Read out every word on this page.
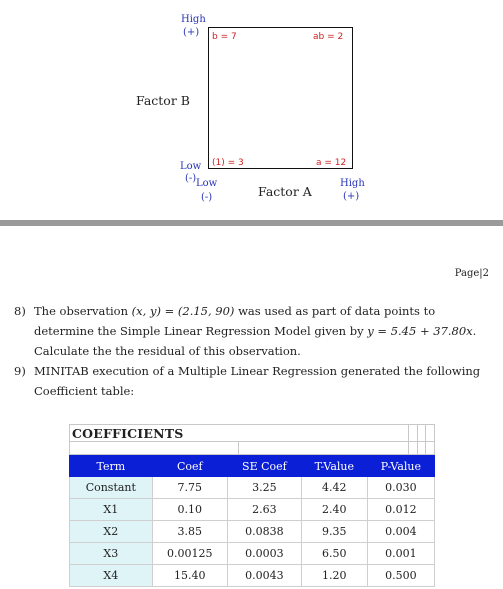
High
(+)
Factor B
b = 7	ab = 2
(1) = 3	a = 12
Low
(-) Low
(-)	Factor A
High
(+)
Page|2
8) The observation (x, y) = (2.15, 90) was used as part of data points to determine the Simple Linear Regression Model given by y = 5.45 + 37.80x. Calculate the the residual of this observation.
9) MINITAB execution of a Multiple Linear Regression generated the following Coefficient table:
COEFFICIENTS				

Term	Coef	SE Coef	T-Value	P-Value
Constant	7.75	3.25	4.42	0.030
X1	0.10	2.63	2.40	0.012
X2	3.85	0.0838	9.35	0.004
X3	0.00125	0.0003	6.50	0.001
X4	15.40	0.0043	1.20	0.500
